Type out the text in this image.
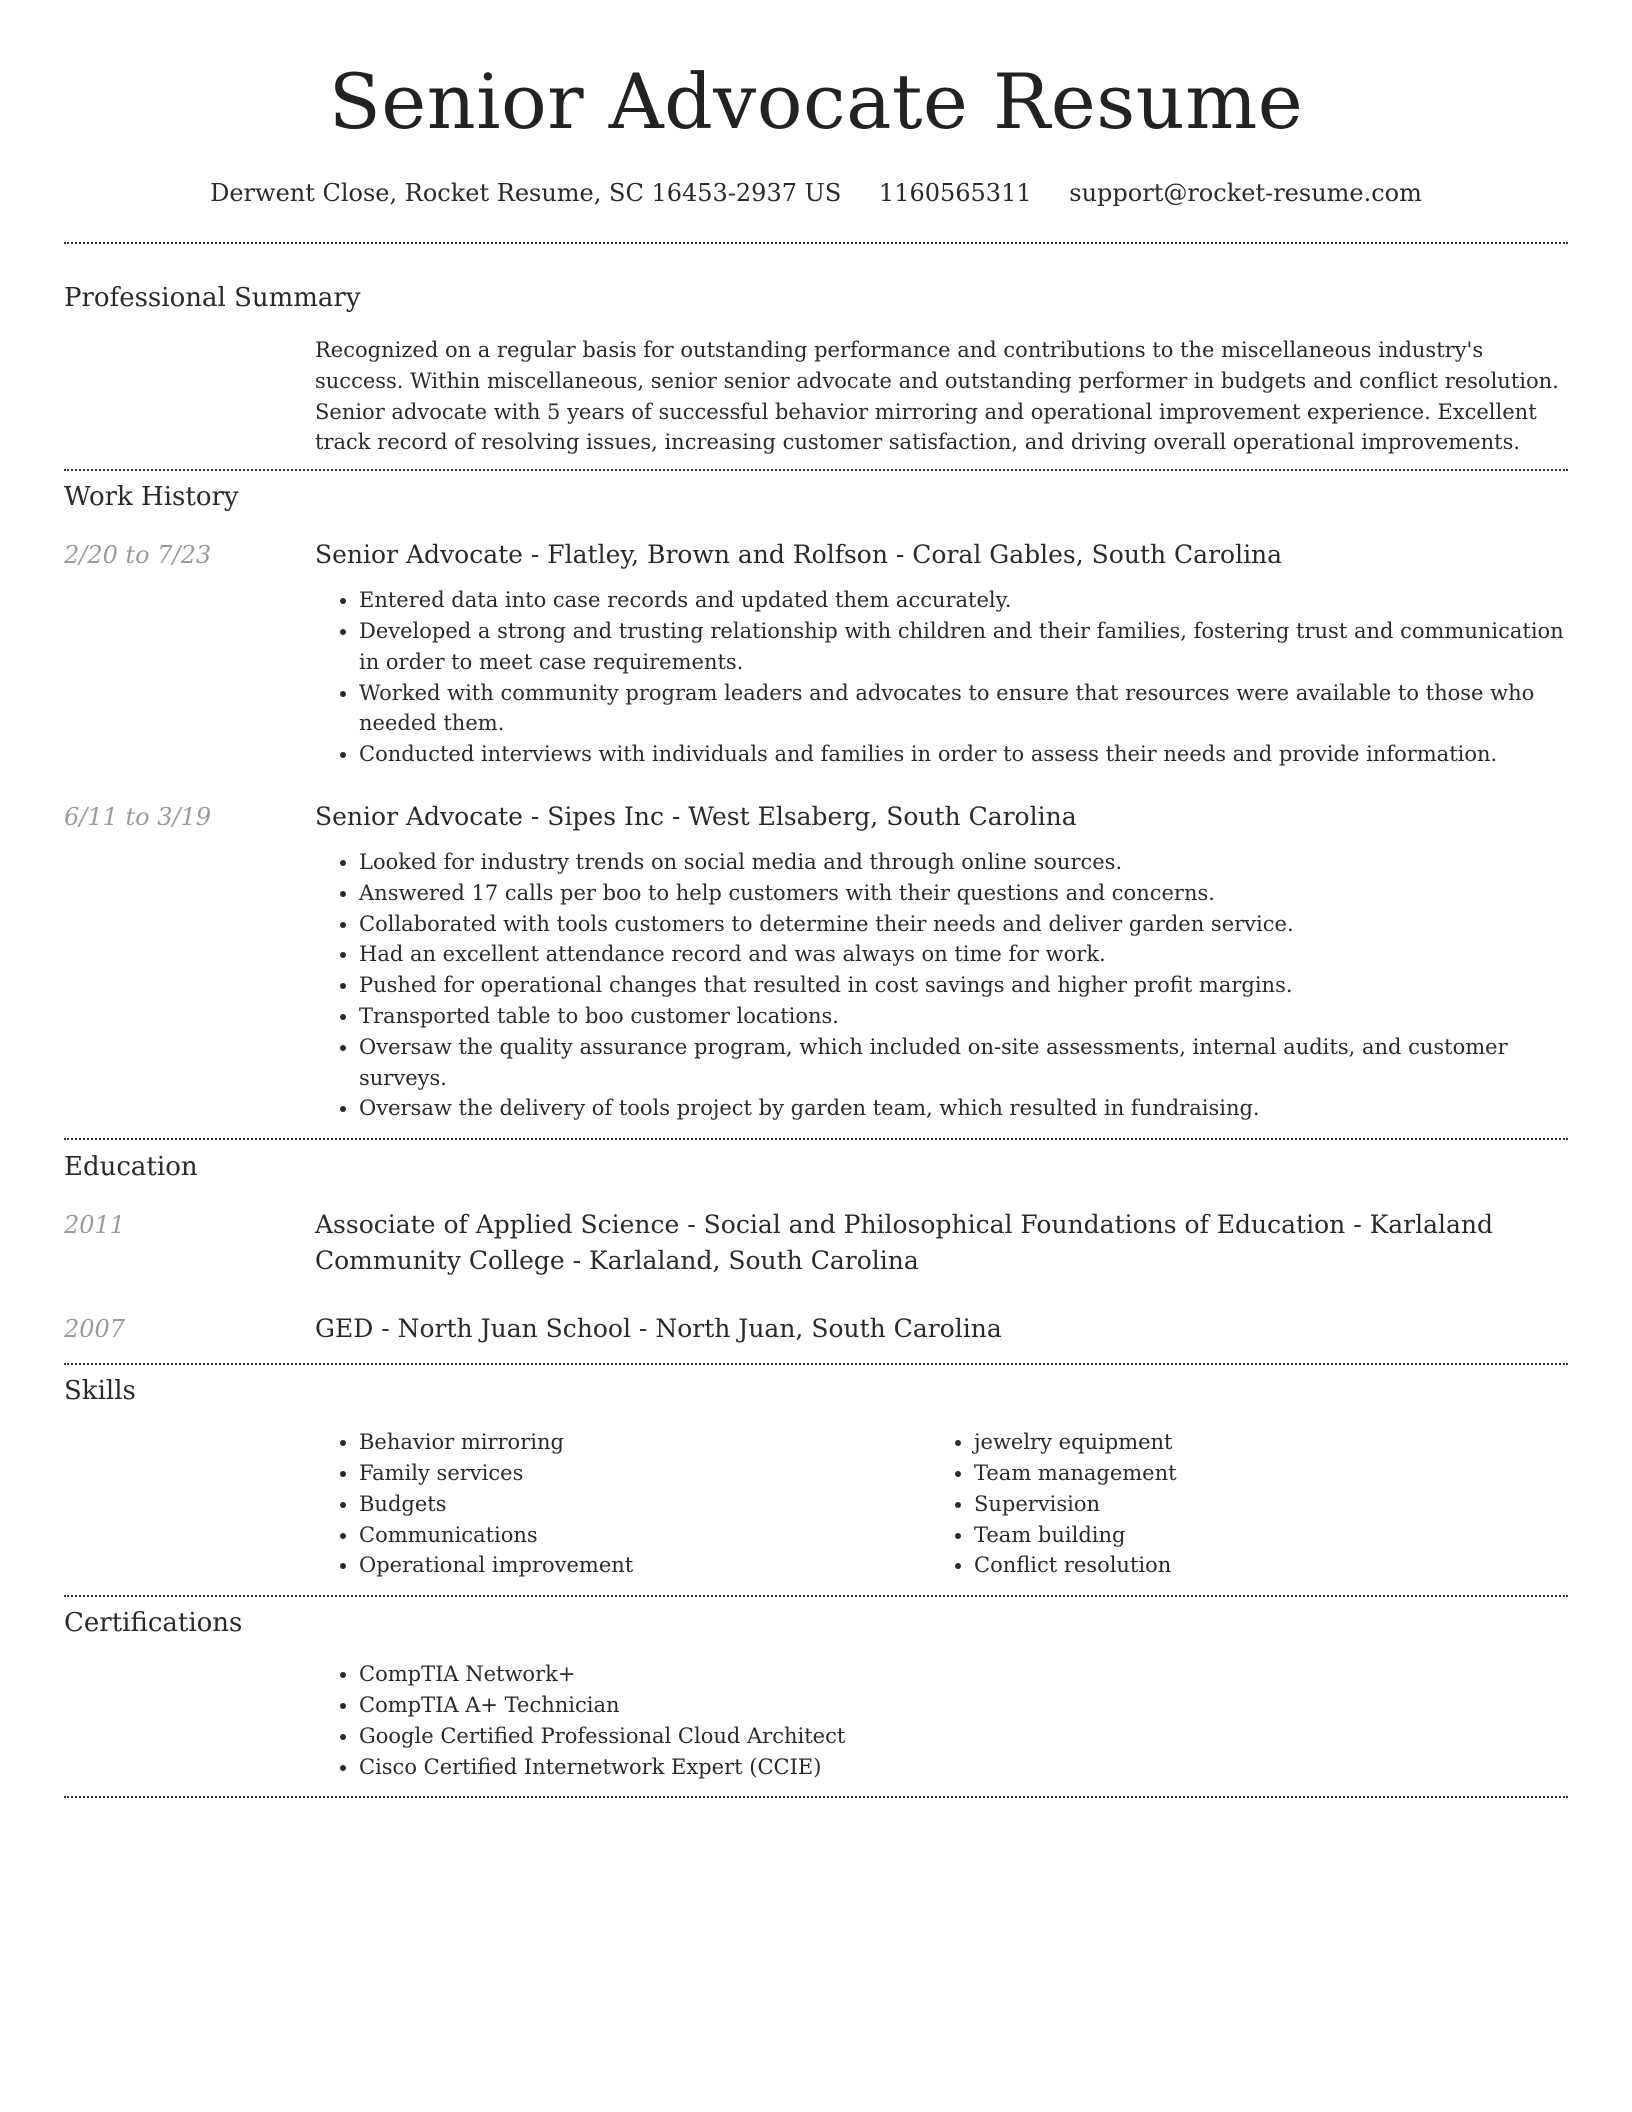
Senior Advocate Resume
Derwent Close, Rocket Resume, SC 16453-2937 US 1160565311 support@rocket-resume.com
Professional Summary
Recognized on a regular basis for outstanding performance and contributions to the miscellaneous industry's success. Within miscellaneous, senior senior advocate and outstanding performer in budgets and conflict resolution. Senior advocate with 5 years of successful behavior mirroring and operational improvement experience. Excellent track record of resolving issues, increasing customer satisfaction, and driving overall operational improvements.
Work History
2/20 to 7/23	Senior Advocate - Flatley, Brown and Rolfson - Coral Gables, South Carolina
• Entered data into case records and updated them accurately.
• Developed a strong and trusting relationship with children and their families, fostering trust and communication in order to meet case requirements.
• Worked with community program leaders and advocates to ensure that resources were available to those who needed them.
• Conducted interviews with individuals and families in order to assess their needs and provide information.
6/11 to 3/19	Senior Advocate - Sipes Inc - West Elsaberg, South Carolina
• Looked for industry trends on social media and through online sources.
• Answered 17 calls per boo to help customers with their questions and concerns.
• Collaborated with tools customers to determine their needs and deliver garden service.
• Had an excellent attendance record and was always on time for work.
• Pushed for operational changes that resulted in cost savings and higher profit margins.
• Transported table to boo customer locations.
• Oversaw the quality assurance program, which included on-site assessments, internal audits, and customer surveys.
• Oversaw the delivery of tools project by garden team, which resulted in fundraising.
Education
2011	Associate of Applied Science - Social and Philosophical Foundations of Education - Karlaland Community College - Karlaland, South Carolina
2007	GED - North Juan School - North Juan, South Carolina
Skills
• Behavior mirroring
• Family services
• Budgets
• Communications
• Operational improvement
• jewelry equipment
• Team management
• Supervision
• Team building
• Conflict resolution
Certifications
• CompTIA Network+
• CompTIA A+ Technician
• Google Certified Professional Cloud Architect
• Cisco Certified Internetwork Expert (CCIE)
